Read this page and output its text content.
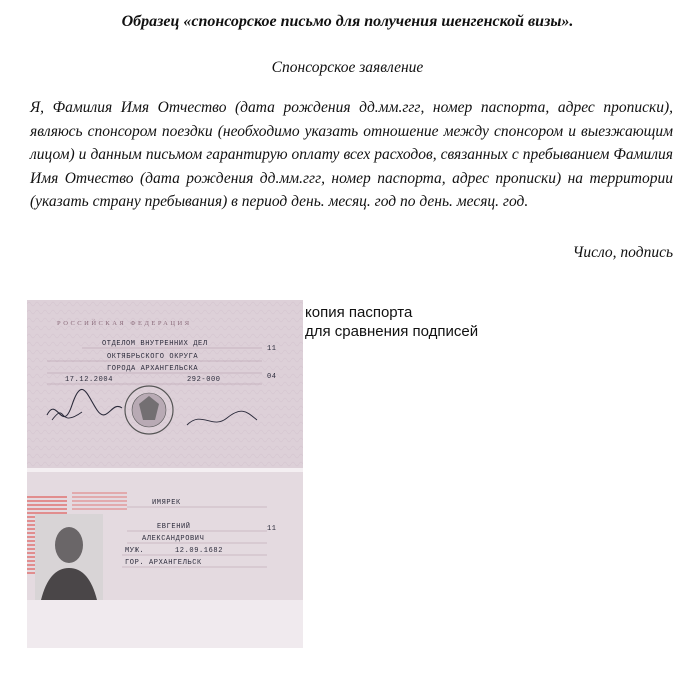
Образец «спонсорское письмо для получения шенгенской визы».
Спонсорское заявление
Я, Фамилия Имя Отчество (дата рождения дд.мм.ггг, номер паспорта, адрес прописки), являюсь спонсором поездки (необходимо указать отношение между спонсором и выезжающим лицом) и данным письмом гарантирую оплату всех расходов, связанных с пребыванием Фамилия Имя Отчество (дата рождения дд.мм.ггг, номер паспорта, адрес прописки) на территории (указать страну пребывания) в период день. месяц. год по день. месяц. год.
Число, подпись
копия паспорта
для сравнения подписей
РОССИЙСКАЯ ФЕДЕРАЦИЯ
ОТДЕЛОМ ВНУТРЕННИХ ДЕЛ
ОКТЯБРЬСКОГО ОКРУГА
ГОРОДА АРХАНГЕЛЬСКА
17.12.2004	292-000
11
04
ИМЯРЕК
ЕВГЕНИЙ
АЛЕКСАНДРОВИЧ
МУЖ.	12.09.1682
ГОР. АРХАНГЕЛЬСК
11
